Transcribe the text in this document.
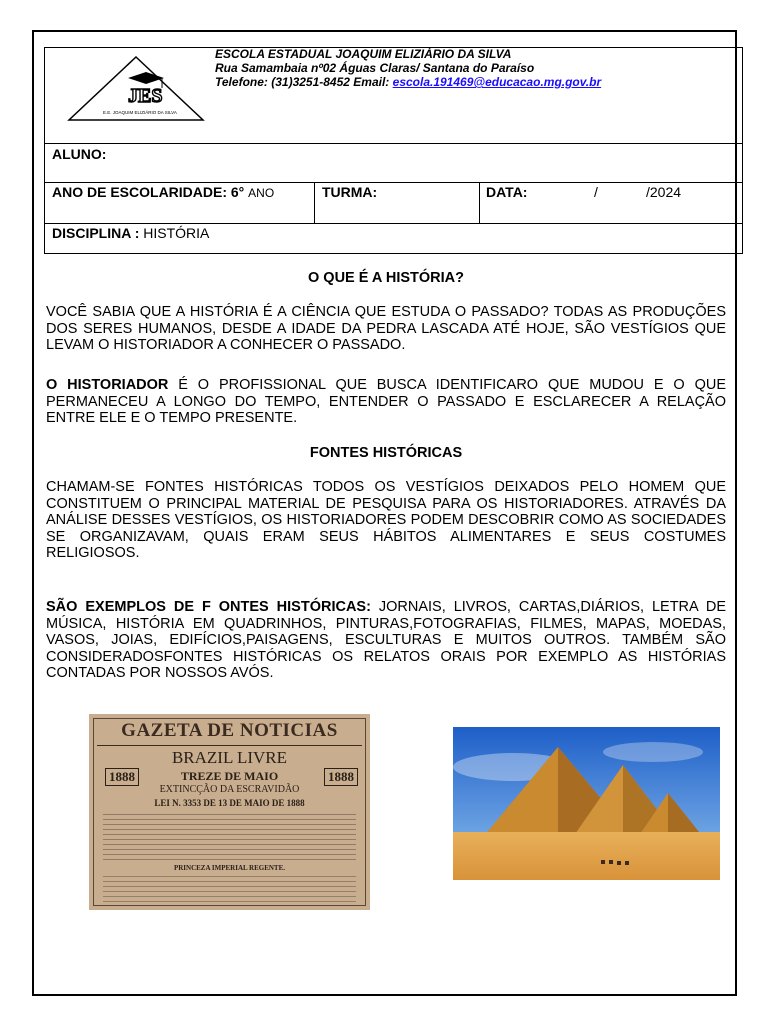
JES
E.E. JOAQUIM ELIZIÁRIO DA SILVA
ESCOLA ESTADUAL JOAQUIM ELIZIÁRIO DA SILVA
Rua Samambaia nº02 Águas Claras/ Santana do Paraíso
Telefone: (31)3251-8452 Email: escola.191469@educacao.mg.gov.br
ALUNO:
ANO DE ESCOLARIDADE: 6° ANO	TURMA:	DATA:	/	/2024
DISCIPLINA : HISTÓRIA
O QUE É A HISTÓRIA?
VOCÊ SABIA QUE A HISTÓRIA É A CIÊNCIA QUE ESTUDA O PASSADO? TODAS AS PRODUÇÕES DOS SERES HUMANOS, DESDE A IDADE DA PEDRA LASCADA ATÉ HOJE, SÃO VESTÍGIOS QUE LEVAM O HISTORIADOR A CONHECER O PASSADO.
O HISTORIADOR É O PROFISSIONAL QUE BUSCA IDENTIFICARO QUE MUDOU E O QUE PERMANECEU A LONGO DO TEMPO, ENTENDER O PASSADO E ESCLARECER A RELAÇÃO ENTRE ELE E O TEMPO PRESENTE.
FONTES HISTÓRICAS
CHAMAM-SE FONTES HISTÓRICAS TODOS OS VESTÍGIOS DEIXADOS PELO HOMEM QUE CONSTITUEM O PRINCIPAL MATERIAL DE PESQUISA PARA OS HISTORIADORES. ATRAVÉS DA ANÁLISE DESSES VESTÍGIOS, OS HISTORIADORES PODEM DESCOBRIR COMO AS SOCIEDADES SE ORGANIZAVAM, QUAIS ERAM SEUS HÁBITOS ALIMENTARES E SEUS COSTUMES RELIGIOSOS.
SÃO EXEMPLOS DE F ONTES HISTÓRICAS: JORNAIS, LIVROS, CARTAS,DIÁRIOS, LETRA DE MÚSICA, HISTÓRIA EM QUADRINHOS, PINTURAS,FOTOGRAFIAS, FILMES, MAPAS, MOEDAS, VASOS, JOIAS, EDIFÍCIOS,PAISAGENS, ESCULTURAS E MUITOS OUTROS. TAMBÉM SÃO CONSIDERADOSFONTES HISTÓRICAS OS RELATOS ORAIS POR EXEMPLO AS HISTÓRIAS CONTADAS POR NOSSOS AVÓS.
GAZETA DE NOTICIAS
BRAZIL LIVRE
1888	1888
TREZE DE MAIO
EXTINCÇÃO DA ESCRAVIDÃO
LEI N. 3353 DE 13 DE MAIO DE 1888
PRINCEZA IMPERIAL REGENTE.
